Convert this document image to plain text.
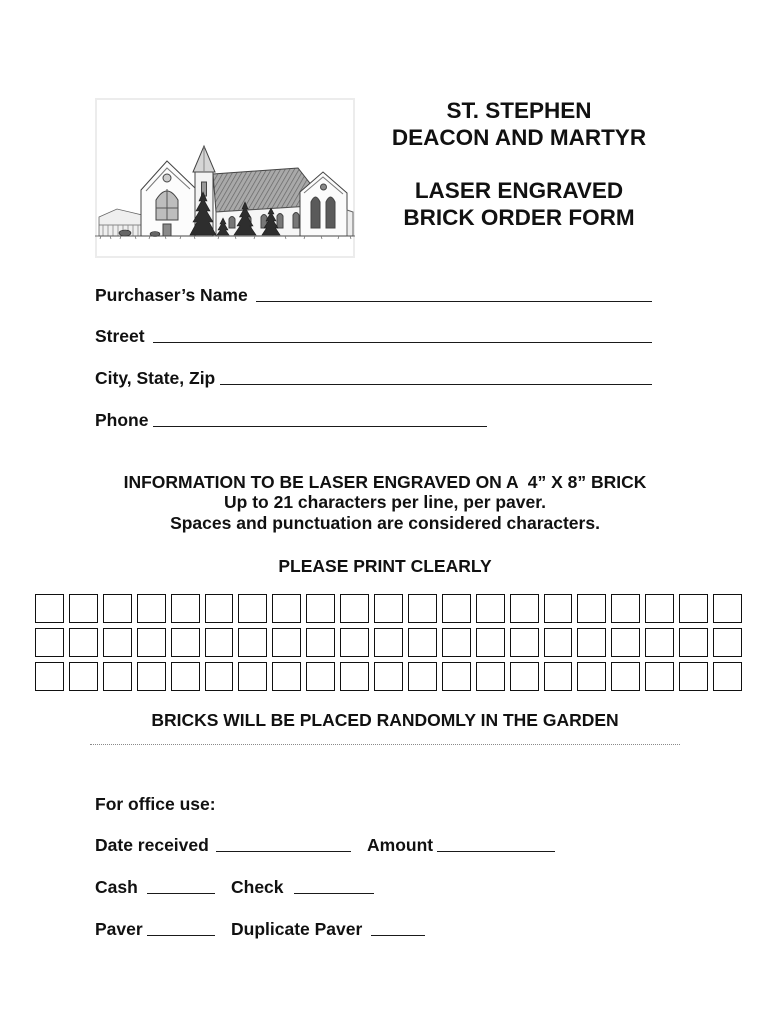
ST. STEPHEN
DEACON AND MARTYR
LASER ENGRAVED
BRICK ORDER FORM
Purchaser’s Name
Street
City, State, Zip
Phone
INFORMATION TO BE LASER ENGRAVED ON A  4” X 8” BRICK
Up to 21 characters per line, per paver.
Spaces and punctuation are considered characters.
PLEASE PRINT CLEARLY
BRICKS WILL BE PLACED RANDOMLY IN THE GARDEN
For office use:
Date received	Amount
Cash	Check
Paver	Duplicate Paver
